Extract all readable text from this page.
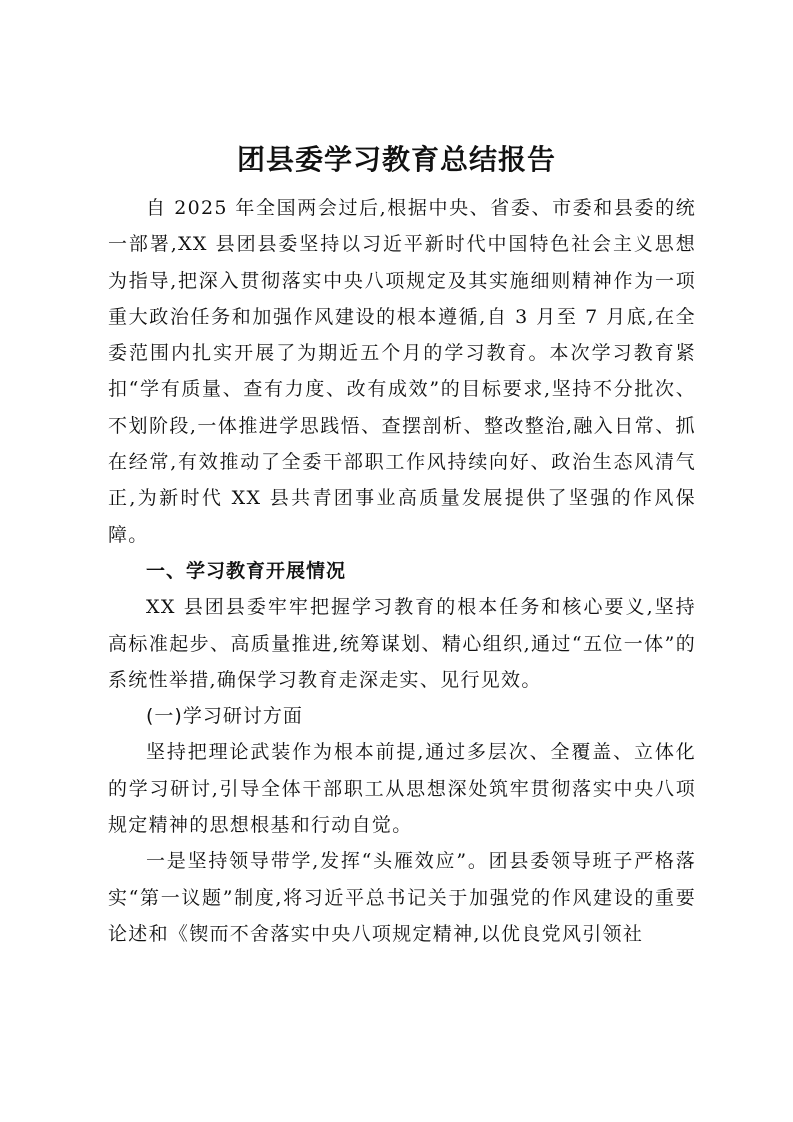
团县委学习教育总结报告

自 2025 年全国两会过后,根据中央、省委、市委和县委的统一部署,XX 县团县委坚持以习近平新时代中国特色社会主义思想为指导,把深入贯彻落实中央八项规定及其实施细则精神作为一项重大政治任务和加强作风建设的根本遵循,自 3 月至 7 月底,在全委范围内扎实开展了为期近五个月的学习教育。本次学习教育紧扣“学有质量、查有力度、改有成效”的目标要求,坚持不分批次、不划阶段,一体推进学思践悟、查摆剖析、整改整治,融入日常、抓在经常,有效推动了全委干部职工作风持续向好、政治生态风清气正,为新时代 XX 县共青团事业高质量发展提供了坚强的作风保障。

一、学习教育开展情况

XX 县团县委牢牢把握学习教育的根本任务和核心要义,坚持高标准起步、高质量推进,统筹谋划、精心组织,通过“五位一体”的系统性举措,确保学习教育走深走实、见行见效。

(一)学习研讨方面

坚持把理论武装作为根本前提,通过多层次、全覆盖、立体化的学习研讨,引导全体干部职工从思想深处筑牢贯彻落实中央八项规定精神的思想根基和行动自觉。

一是坚持领导带学,发挥“头雁效应”。团县委领导班子严格落实“第一议题”制度,将习近平总书记关于加强党的作风建设的重要论述和《锲而不舍落实中央八项规定精神,以优良党风引领社
